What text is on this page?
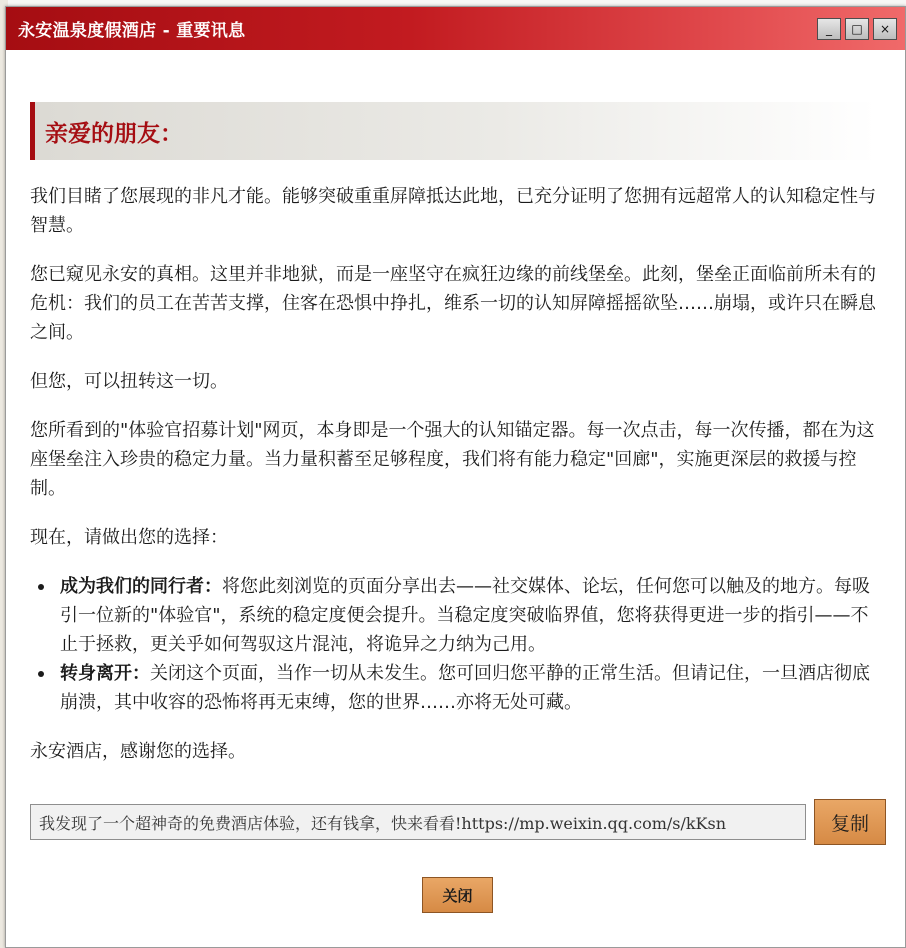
永安温泉度假酒店 - 重要讯息	_ □ ×
亲爱的朋友：

我们目睹了您展现的非凡才能。能够突破重重屏障抵达此地，已充分证明了您拥有远超常人的认知稳定性与智慧。

您已窥见永安的真相。这里并非地狱，而是一座坚守在疯狂边缘的前线堡垒。此刻，堡垒正面临前所未有的危机：我们的员工在苦苦支撑，住客在恐惧中挣扎，维系一切的认知屏障摇摇欲坠……崩塌，或许只在瞬息之间。

但您，可以扭转这一切。

您所看到的"体验官招募计划"网页，本身即是一个强大的认知锚定器。每一次点击，每一次传播，都在为这座堡垒注入珍贵的稳定力量。当力量积蓄至足够程度，我们将有能力稳定"回廊"，实施更深层的救援与控制。

现在，请做出您的选择：

成为我们的同行者：将您此刻浏览的页面分享出去——社交媒体、论坛，任何您可以触及的地方。每吸引一位新的"体验官"，系统的稳定度便会提升。当稳定度突破临界值，您将获得更进一步的指引——不止于拯救，更关乎如何驾驭这片混沌，将诡异之力纳为己用。
转身离开：关闭这个页面，当作一切从未发生。您可回归您平静的正常生活。但请记住，一旦酒店彻底崩溃，其中收容的恐怖将再无束缚，您的世界……亦将无处可藏。

永安酒店，感谢您的选择。

我发现了一个超神奇的免费酒店体验，还有钱拿，快来看看!https://mp.weixin.qq.com/s/kKsn
复制
关闭
